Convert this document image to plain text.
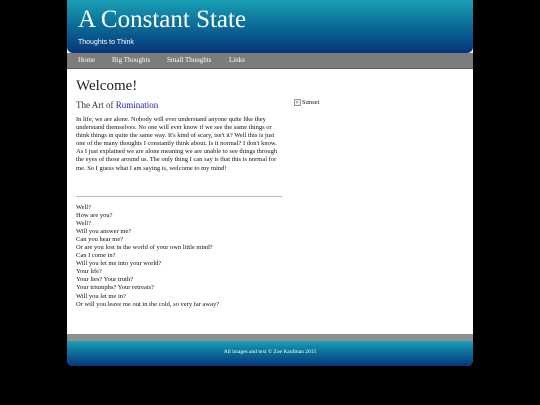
A Constant State
Thoughts to Think
Home Big Thoughts Small Thoughts	Links
Welcome!
The Art of Rumination

In life, we are alone. Nobody will ever understand anyone quite like they understand themselves. No one will ever know if we see the same things or think things in quite the same way. It's kind of scary, isn't it? Well this is just one of the many thoughts I constantly think about. Is it normal? I don't know. As I just explained we are alone meaning we are unable to see things through the eyes of those around us. The only thing I can say is that this is normal for me. So I guess what I am saying is, welcome to my mind!

Well?
How are you?
Well?
Will you answer me?
Can you hear me?
Or are you lost in the world of your own little mind?
Can I come in?
Will you let me into your world?
Your life?
Your lies? Your truth?
Your triumphs? Your retreats?
Will you let me in?
Or will you leave me out in the cold, so very far away?
Sunset
All images and text © Zoe Kaufman 2015
